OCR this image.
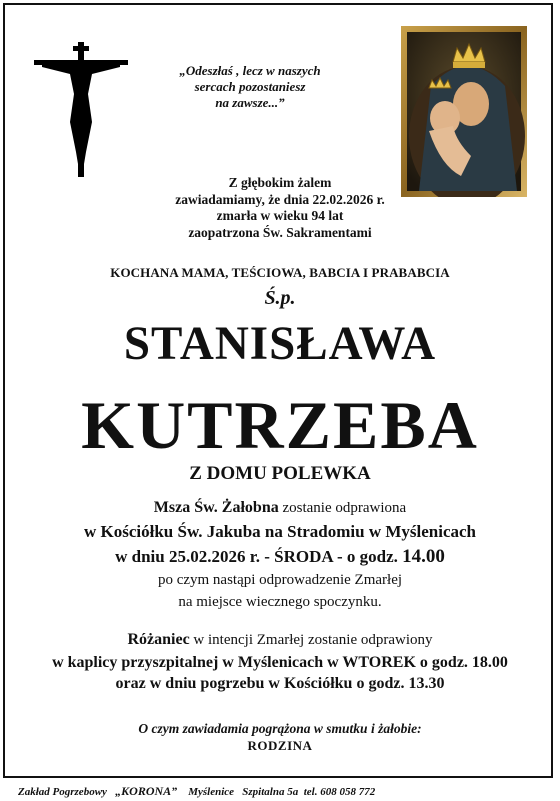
„Odeszłaś , lecz w naszych
sercach pozostaniesz
na zawsze...”
Z głębokim żalem
zawiadamiamy, że dnia 22.02.2026 r.
zmarła w wieku 94 lat
zaopatrzona Św. Sakramentami
KOCHANA MAMA, TEŚCIOWA, BABCIA I PRABABCIA
Ś.p.
STANISŁAWA
KUTRZEBA
Z DOMU POLEWKA
Msza Św. Żałobna zostanie odprawiona
w Kościółku Św. Jakuba na Stradomiu w Myślenicach
w dniu 25.02.2026 r. - ŚRODA - o godz. 14.00
po czym nastąpi odprowadzenie Zmarłej
na miejsce wiecznego spoczynku.
Różaniec w intencji Zmarłej zostanie odprawiony
w kaplicy przyszpitalnej w Myślenicach w WTOREK o godz. 18.00
oraz w dniu pogrzebu w Kościółku o godz. 13.30
O czym zawiadamia pogrążona w smutku i żałobie:
RODZINA
Zakład Pogrzebowy „KORONA” Myślenice   Szpitalna 5a  tel. 608 058 772
